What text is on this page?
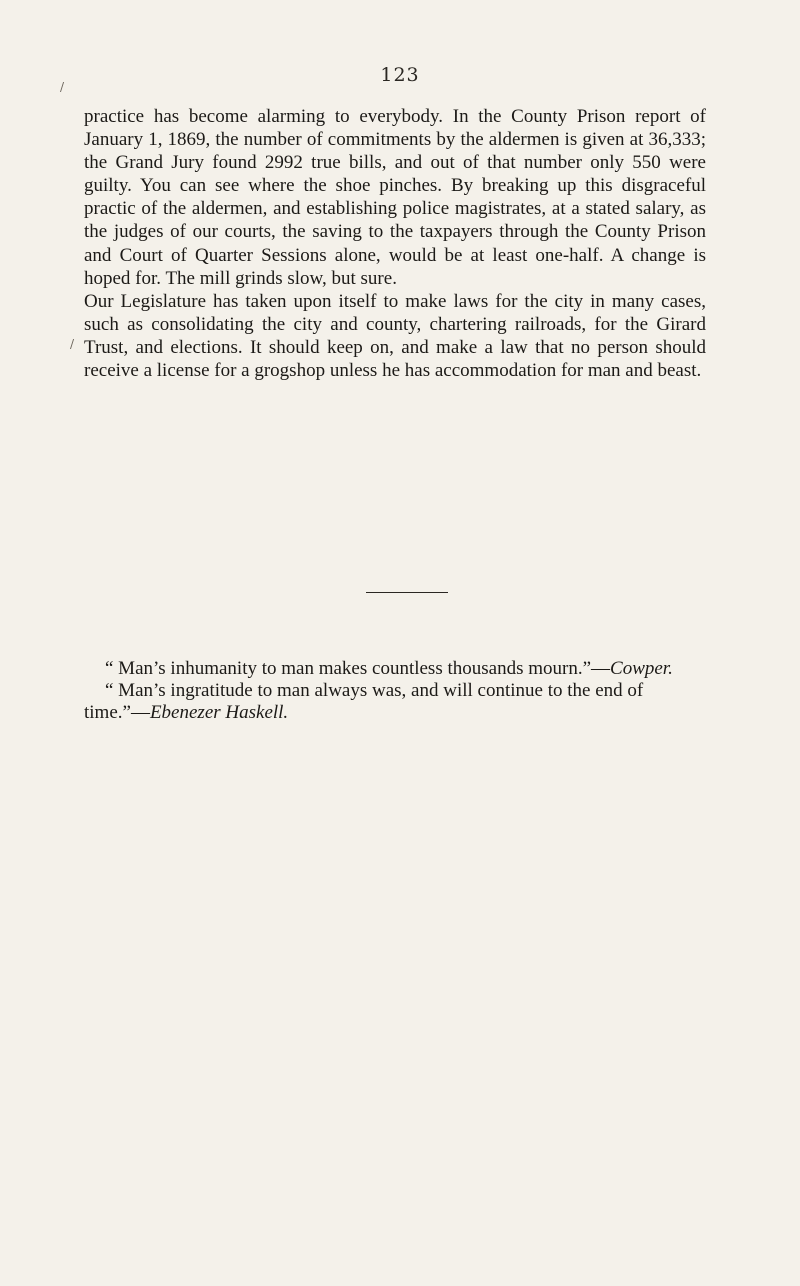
123
/
/

practice has become alarming to everybody. In the County Prison report of January 1, 1869, the number of commitments by the aldermen is given at 36,333; the Grand Jury found 2992 true bills, and out of that number only 550 were guilty. You can see where the shoe pinches. By breaking up this disgraceful practic of the aldermen, and establishing police magistrates, at a stated salary, as the judges of our courts, the saving to the taxpayers through the County Prison and Court of Quarter Sessions alone, would be at least one-half. A change is hoped for. The mill grinds slow, but sure.

Our Legislature has taken upon itself to make laws for the city in many cases, such as consolidating the city and county, chartering railroads, for the Girard Trust, and elections. It should keep on, and make a law that no person should receive a license for a grogshop unless he has accommodation for man and beast.

“ Man’s inhumanity to man makes countless thousands mourn.”—Cowper.

“ Man’s ingratitude to man always was, and will continue to the end of time.”—Ebenezer Haskell.
